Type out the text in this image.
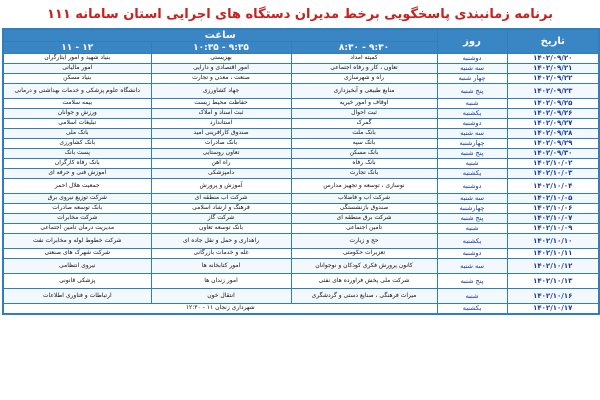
برنامه زمانبندی پاسخگویی برخط مدیران دستگاه های اجرایی استان سامانه ۱۱۱
تاریخ	روز	ساعت		
		۹:۳۰ - ۸:۳۰	۹:۳۵ - ۱۰:۳۵	۱۲ - ۱۱
۱۴۰۲/۰۹/۲۰	دوشنبه	کمیته امداد	بهزیستی	بنیاد شهید و امور ایثارگران
۱۴۰۲/۰۹/۲۱	سه شنبه	تعاون ، کار و رفاه اجتماعی	امور اقتصادی و دارایی	امور مالیاتی
۱۴۰۲/۰۹/۲۲	چهار شنبه	راه و شهرسازی	صنعت ، معدن و تجارت	بنیاد مسکن
۱۴۰۲/۰۹/۲۳	پنج شنبه	منابع طبیعی و آبخیزداری	جهاد کشاورزی	دانشگاه علوم پزشکی و خدمات بهداشتی و درمانی
۱۴۰۲/۰۹/۲۵	شنبه	اوقاف و امور خیریه	حفاظت محیط زیست	بیمه سلامت
۱۴۰۲/۰۹/۲۶	یکشنبه	ثبت احوال	ثبت اسناد و املاک	ورزش و جوانان
۱۴۰۲/۰۹/۲۷	دوشنبه	گمرک	استاندارد	تبلیغات اسلامی
۱۴۰۲/۰۹/۲۸	سه شنبه	بانک ملت	صندوق کارآفرینی امید	بانک ملی
۱۴۰۲/۰۹/۲۹	چهارشنبه	بانک سپه	بانک صادرات	بانک کشاورزی
۱۴۰۲/۰۹/۳۰	پنج شنبه	بانک مسکن	تعاون روستایی	پست بانک
۱۴۰۲/۱۰/۰۲	شنبه	بانک رفاه	راه آهن	بانک رفاه کارگران
۱۴۰۲/۱۰/۰۳	یکشنبه	بانک تجارت	دامپزشکی	آموزش فنی و حرفه ای
۱۴۰۲/۱۰/۰۴	دوشنبه	نوسازی ، توسعه و تجهیز مدارس	آموزش و پرورش	جمعیت هلال احمر
۱۴۰۲/۱۰/۰۵	سه شنبه	شرکت آب و فاضلاب	شرکت آب منطقه ای	شرکت توزیع نیروی برق
۱۴۰۲/۱۰/۰۶	چهارشنبه	صندوق بازنشستگی	فرهنگ و ارشاد اسلامی	بانک توسعه صادرات
۱۴۰۲/۱۰/۰۷	پنج شنبه	شرکت برق منطقه ای	شرکت گاز	شرکت مخابرات
۱۴۰۲/۱۰/۰۹	شنبه	تامین اجتماعی	بانک توسعه تعاون	مدیریت درمان تامین اجتماعی
۱۴۰۲/۱۰/۱۰	یکشنبه	حج و زیارت	راهداری و حمل و نقل جاده ای	شرکت خطوط لوله و مخابرات نفت
۱۴۰۲/۱۰/۱۱	دوشنبه	تعزیرات حکومتی	غله و خدمات بازرگانی	شرکت شهرک های صنعتی
۱۴۰۲/۱۰/۱۲	سه شنبه	کانون پرورش فکری کودکان و نوجوانان	امور کتابخانه ها	نیروی انتظامی
۱۴۰۲/۱۰/۱۳	پنج شنبه	شرکت ملی پخش فراورده های نفتی	امور زندان ها	پزشکی قانونی
۱۴۰۲/۱۰/۱۶	شنبه	میراث فرهنگی ، صنایع دستی و گردشگری	انتقال خون	ارتباطات و فناوری اطلاعات
۱۴۰۲/۱۰/۱۷	یکشنبه	شهرداری زنجان ۱۱ - ۱۲:۳۰		
